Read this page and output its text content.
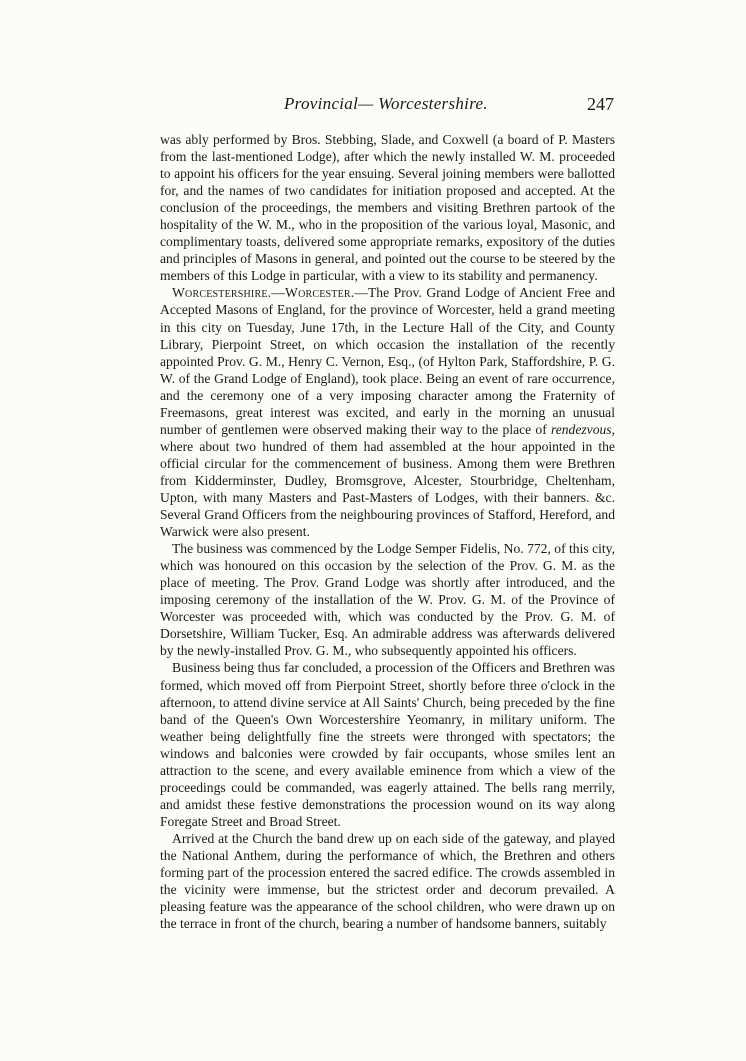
Provincial— Worcestershire.	247

was ably performed by Bros. Stebbing, Slade, and Coxwell (a board of P. Masters from the last-mentioned Lodge), after which the newly installed W. M. proceeded to appoint his officers for the year ensuing. Several joining members were ballotted for, and the names of two candidates for initiation proposed and accepted. At the conclusion of the proceedings, the members and visiting Brethren partook of the hospitality of the W. M., who in the proposition of the various loyal, Masonic, and complimentary toasts, delivered some appropriate remarks, expository of the duties and principles of Masons in general, and pointed out the course to be steered by the members of this Lodge in particular, with a view to its stability and permanency.

Worcestershire.—Worcester.—The Prov. Grand Lodge of Ancient Free and Accepted Masons of England, for the province of Worcester, held a grand meeting in this city on Tuesday, June 17th, in the Lecture Hall of the City, and County Library, Pierpoint Street, on which occasion the installation of the recently appointed Prov. G. M., Henry C. Vernon, Esq., (of Hylton Park, Staffordshire, P. G. W. of the Grand Lodge of England), took place. Being an event of rare occurrence, and the ceremony one of a very imposing character among the Fraternity of Freemasons, great interest was excited, and early in the morning an unusual number of gentlemen were observed making their way to the place of rendezvous, where about two hundred of them had assembled at the hour appointed in the official circular for the commencement of business. Among them were Brethren from Kidderminster, Dudley, Bromsgrove, Alcester, Stourbridge, Cheltenham, Upton, with many Masters and Past-Masters of Lodges, with their banners. &c. Several Grand Officers from the neighbouring provinces of Stafford, Hereford, and Warwick were also present.

The business was commenced by the Lodge Semper Fidelis, No. 772, of this city, which was honoured on this occasion by the selection of the Prov. G. M. as the place of meeting. The Prov. Grand Lodge was shortly after introduced, and the imposing ceremony of the installation of the W. Prov. G. M. of the Province of Worcester was proceeded with, which was conducted by the Prov. G. M. of Dorsetshire, William Tucker, Esq. An admirable address was afterwards delivered by the newly-installed Prov. G. M., who subsequently appointed his officers.

Business being thus far concluded, a procession of the Officers and Brethren was formed, which moved off from Pierpoint Street, shortly before three o'clock in the afternoon, to attend divine service at All Saints' Church, being preceded by the fine band of the Queen's Own Worcestershire Yeomanry, in military uniform. The weather being delightfully fine the streets were thronged with spectators; the windows and balconies were crowded by fair occupants, whose smiles lent an attraction to the scene, and every available eminence from which a view of the proceedings could be commanded, was eagerly attained. The bells rang merrily, and amidst these festive demonstrations the procession wound on its way along Foregate Street and Broad Street.

Arrived at the Church the band drew up on each side of the gateway, and played the National Anthem, during the performance of which, the Brethren and others forming part of the procession entered the sacred edifice. The crowds assembled in the vicinity were immense, but the strictest order and decorum prevailed. A pleasing feature was the appearance of the school children, who were drawn up on the terrace in front of the church, bearing a number of handsome banners, suitably
